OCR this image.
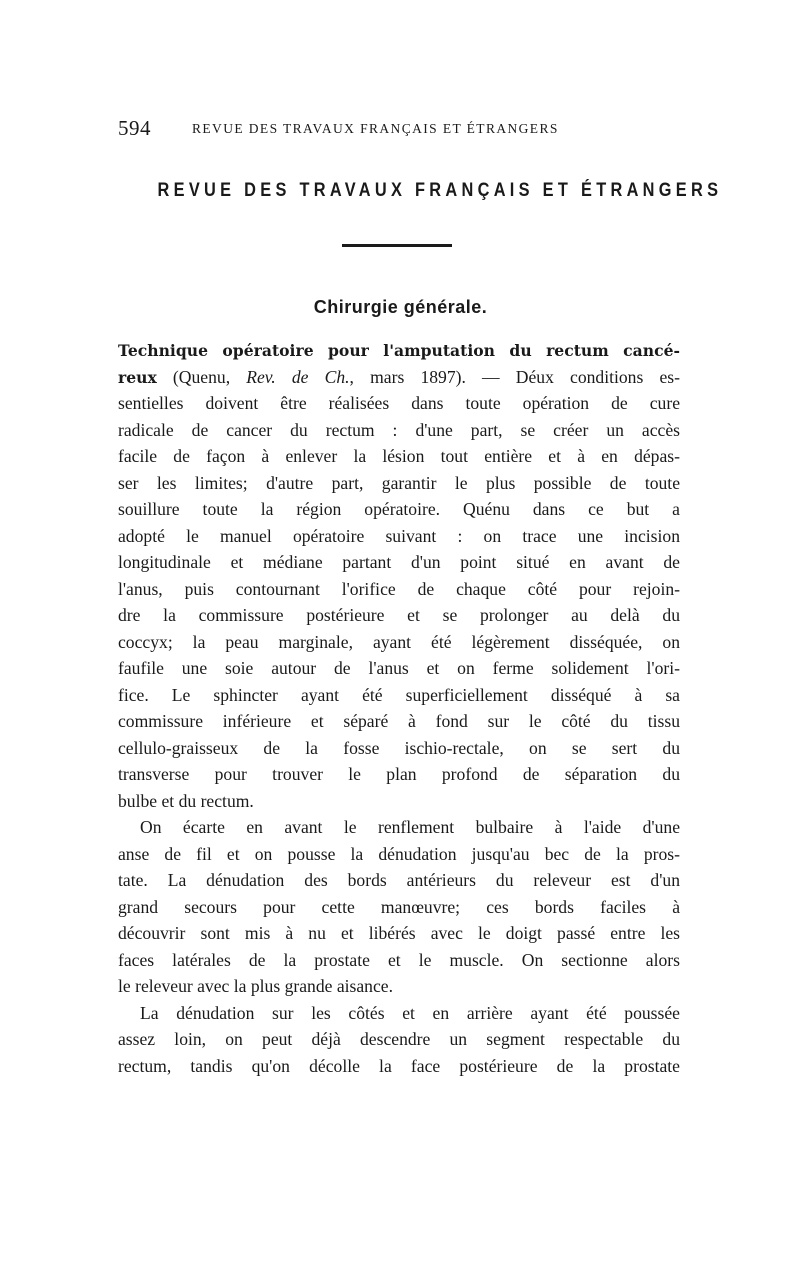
594	REVUE DES TRAVAUX FRANÇAIS ET ÉTRANGERS
REVUE DES TRAVAUX FRANÇAIS ET ÉTRANGERS
Chirurgie générale.
Technique opératoire pour l'amputation du rectum cancé-
reux (Quenu, Rev. de Ch., mars 1897). — Déux conditions es-
sentielles doivent être réalisées dans toute opération de cure
radicale de cancer du rectum : d'une part, se créer un accès
facile de façon à enlever la lésion tout entière et à en dépas-
ser les limites; d'autre part, garantir le plus possible de toute
souillure toute la région opératoire. Quénu dans ce but a
adopté le manuel opératoire suivant : on trace une incision
longitudinale et médiane partant d'un point situé en avant de
l'anus, puis contournant l'orifice de chaque côté pour rejoin-
dre la commissure postérieure et se prolonger au delà du
coccyx; la peau marginale, ayant été légèrement disséquée, on
faufile une soie autour de l'anus et on ferme solidement l'ori-
fice. Le sphincter ayant été superficiellement disséqué à sa
commissure inférieure et séparé à fond sur le côté du tissu
cellulo-graisseux de la fosse ischio-rectale, on se sert du
transverse pour trouver le plan profond de séparation du
bulbe et du rectum.
On écarte en avant le renflement bulbaire à l'aide d'une
anse de fil et on pousse la dénudation jusqu'au bec de la pros-
tate. La dénudation des bords antérieurs du releveur est d'un
grand secours pour cette manœuvre; ces bords faciles à
découvrir sont mis à nu et libérés avec le doigt passé entre les
faces latérales de la prostate et le muscle. On sectionne alors
le releveur avec la plus grande aisance.
La dénudation sur les côtés et en arrière ayant été poussée
assez loin, on peut déjà descendre un segment respectable du
rectum, tandis qu'on décolle la face postérieure de la prostate
